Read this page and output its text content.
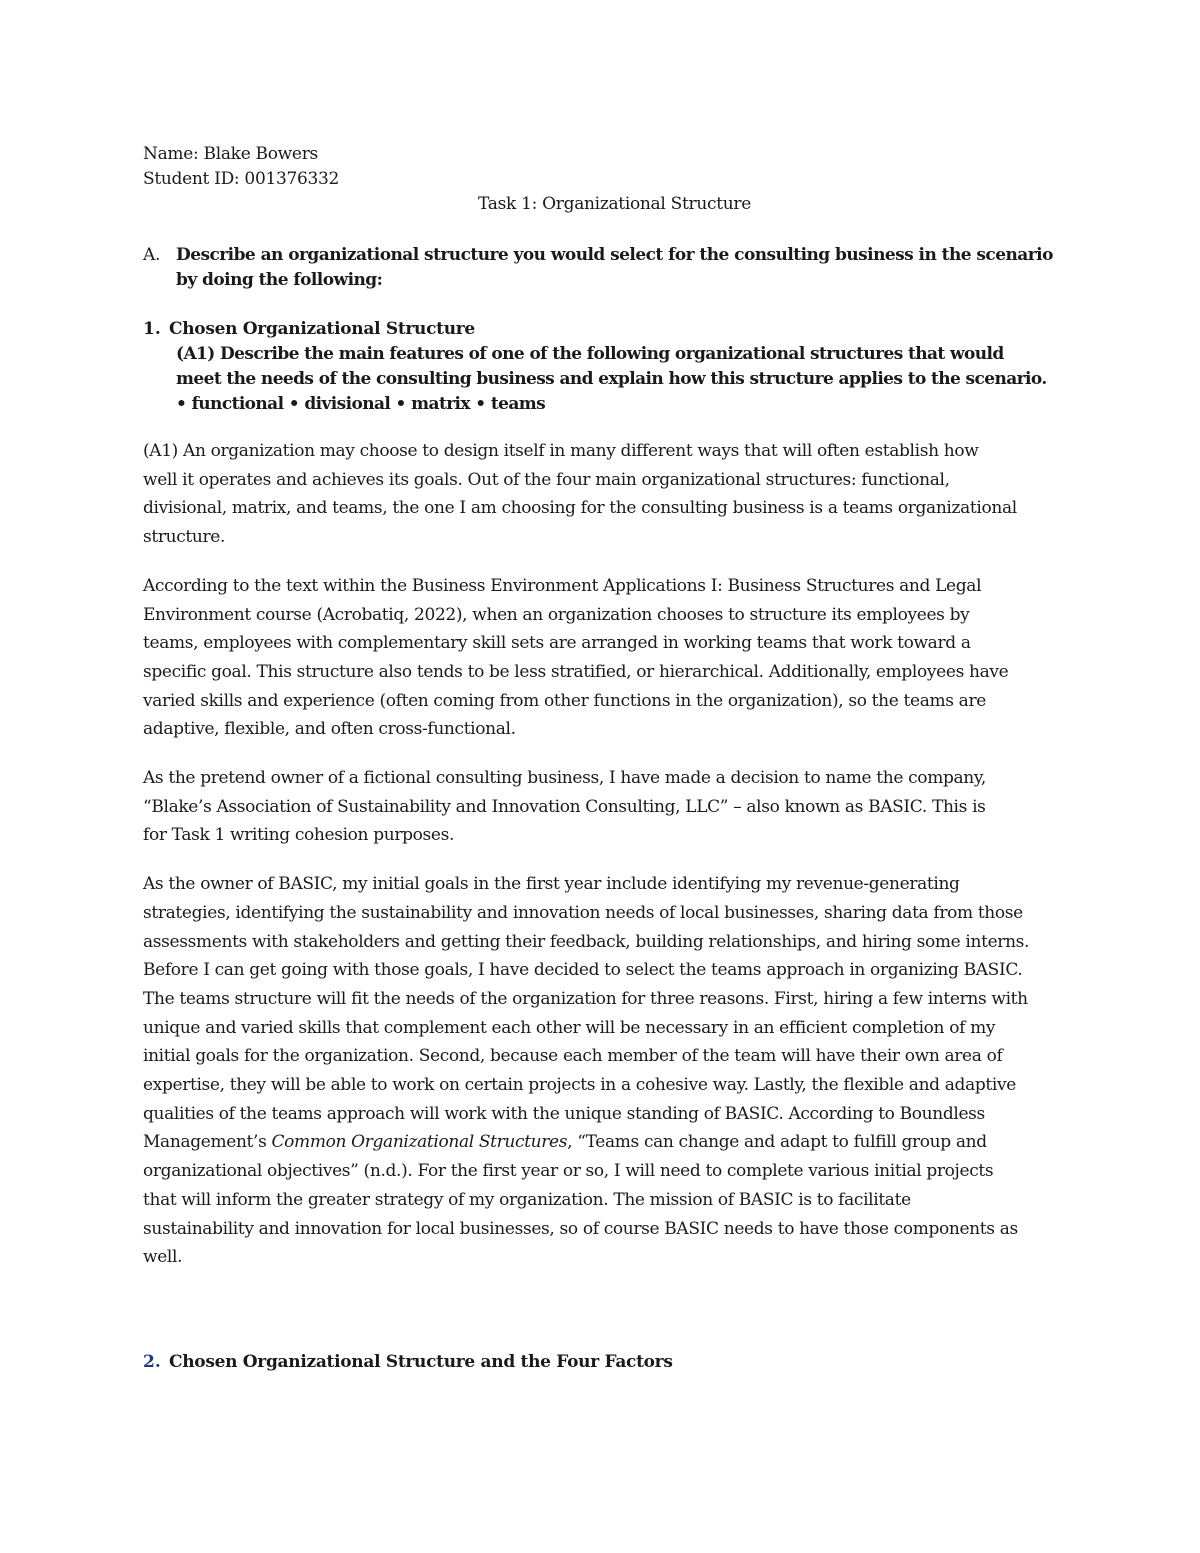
Name: Blake Bowers
Student ID: 001376332
Task 1: Organizational Structure
A. Describe an organizational structure you would select for the consulting business in the scenario by doing the following:
1. Chosen Organizational Structure
(A1) Describe the main features of one of the following organizational structures that would
meet the needs of the consulting business and explain how this structure applies to the scenario.
• functional • divisional • matrix • teams
(A1) An organization may choose to design itself in many different ways that will often establish how
well it operates and achieves its goals. Out of the four main organizational structures: functional,
divisional, matrix, and teams, the one I am choosing for the consulting business is a teams organizational
structure.
According to the text within the Business Environment Applications I: Business Structures and Legal
Environment course (Acrobatiq, 2022), when an organization chooses to structure its employees by
teams, employees with complementary skill sets are arranged in working teams that work toward a
specific goal. This structure also tends to be less stratified, or hierarchical. Additionally, employees have
varied skills and experience (often coming from other functions in the organization), so the teams are
adaptive, flexible, and often cross-functional.
As the pretend owner of a fictional consulting business, I have made a decision to name the company,
“Blake’s Association of Sustainability and Innovation Consulting, LLC” – also known as BASIC. This is
for Task 1 writing cohesion purposes.
As the owner of BASIC, my initial goals in the first year include identifying my revenue-generating
strategies, identifying the sustainability and innovation needs of local businesses, sharing data from those
assessments with stakeholders and getting their feedback, building relationships, and hiring some interns.
Before I can get going with those goals, I have decided to select the teams approach in organizing BASIC.
The teams structure will fit the needs of the organization for three reasons. First, hiring a few interns with
unique and varied skills that complement each other will be necessary in an efficient completion of my
initial goals for the organization. Second, because each member of the team will have their own area of
expertise, they will be able to work on certain projects in a cohesive way. Lastly, the flexible and adaptive
qualities of the teams approach will work with the unique standing of BASIC. According to Boundless
Management’s Common Organizational Structures, “Teams can change and adapt to fulfill group and
organizational objectives” (n.d.). For the first year or so, I will need to complete various initial projects
that will inform the greater strategy of my organization. The mission of BASIC is to facilitate
sustainability and innovation for local businesses, so of course BASIC needs to have those components as
well.
2. Chosen Organizational Structure and the Four Factors
